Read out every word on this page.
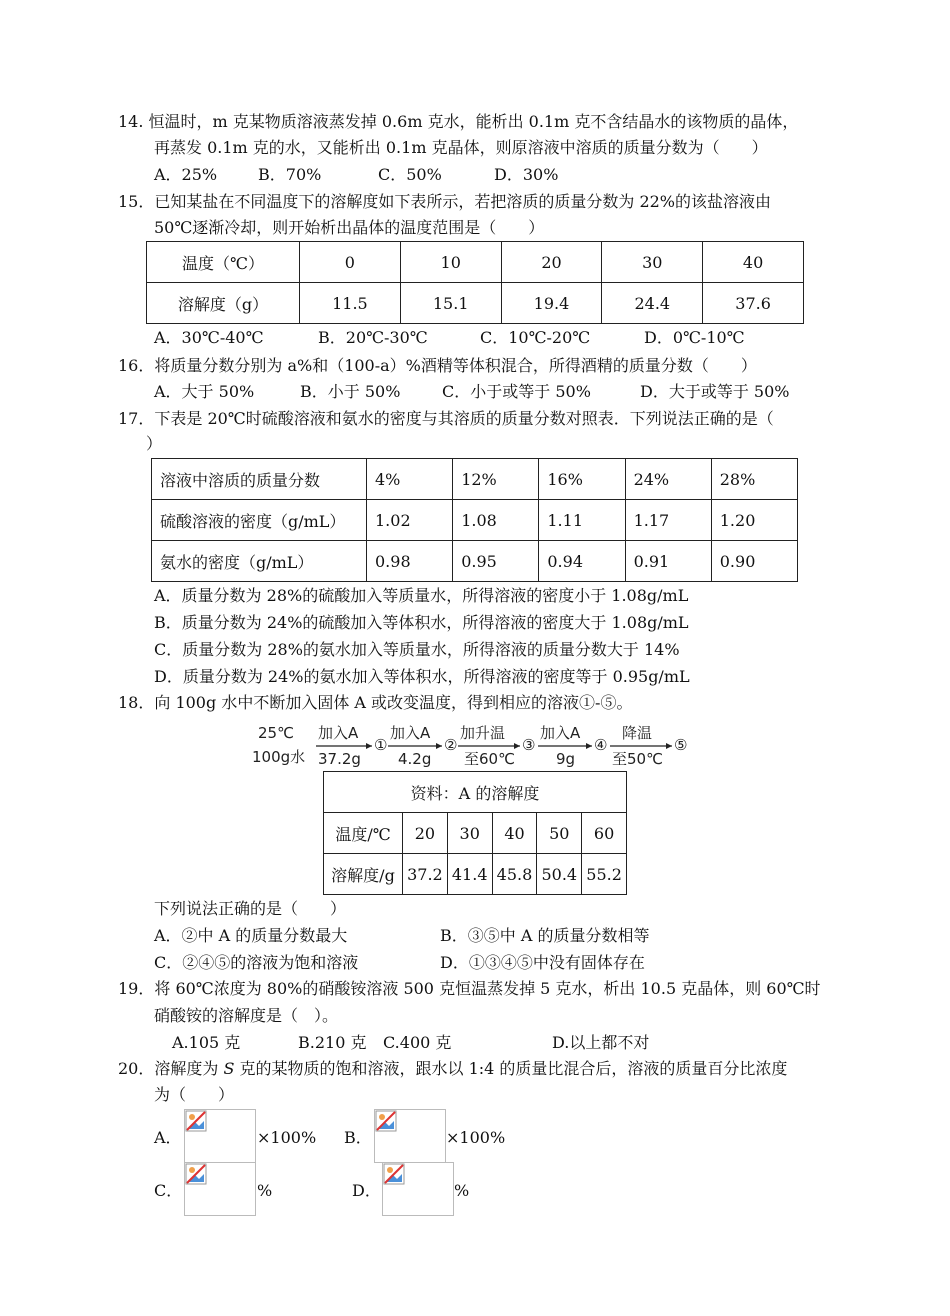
14. 恒温时，m 克某物质溶液蒸发掉 0.6m 克水，能析出 0.1m 克不含结晶水的该物质的晶体，
再蒸发 0.1m 克的水，又能析出 0.1m 克晶体，则原溶液中溶质的质量分数为（　　）
A．25%	B．70%	C．50%	D．30%
15．已知某盐在不同温度下的溶解度如下表所示，若把溶质的质量分数为 22%的该盐溶液由
50℃逐渐冷却，则开始析出晶体的温度范围是（　　）
温度（℃）	0	10	20	30	40
溶解度（g）	11.5	15.1	19.4	24.4	37.6
A．30℃-40℃	B．20℃-30℃	C．10℃-20℃	D．0℃-10℃
16．将质量分数分别为 a%和（100-a）%酒精等体积混合，所得酒精的质量分数（　　）
A．大于 50%	B．小于 50%	C．小于或等于 50%	D．大于或等于 50%
17．下表是 20℃时硫酸溶液和氨水的密度与其溶质的质量分数对照表．下列说法正确的是（
）
溶液中溶质的质量分数	4%	12%	16%	24%	28%
硫酸溶液的密度（g/mL）	1.02	1.08	1.11	1.17	1.20
氨水的密度（g/mL）	0.98	0.95	0.94	0.91	0.90
A．质量分数为 28%的硫酸加入等质量水，所得溶液的密度小于 1.08g/mL
B．质量分数为 24%的硫酸加入等体积水，所得溶液的密度大于 1.08g/mL
C．质量分数为 28%的氨水加入等质量水，所得溶液的质量分数大于 14%
D．质量分数为 24%的氨水加入等体积水，所得溶液的密度等于 0.95g/mL
18．向 100g 水中不断加入固体 A 或改变温度，得到相应的溶液①-⑤。
25℃
100g水
加入A
37.2g
①
加入A
4.2g
②
加升温
至60℃
③
加入A
9g
④
降温
至50℃
⑤
资料：A 的溶解度					
温度/℃	20	30	40	50	60
溶解度/g	37.2	41.4	45.8	50.4	55.2
下列说法正确的是（　　）
A．②中 A 的质量分数最大	B．③⑤中 A 的质量分数相等
C．②④⑤的溶液为饱和溶液	D．①③④⑤中没有固体存在
19．将 60℃浓度为 80%的硝酸铵溶液 500 克恒温蒸发掉 5 克水，析出 10.5 克晶体，则 60℃时
硝酸铵的溶解度是（　）。
A.105 克	B.210 克 C.400 克	D.以上都不对
20．溶解度为 S 克的某物质的饱和溶液，跟水以 1:4 的质量比混合后，溶液的质量百分比浓度
为（　　）
A．	×100% B．	×100%
C．	%	D．	%
